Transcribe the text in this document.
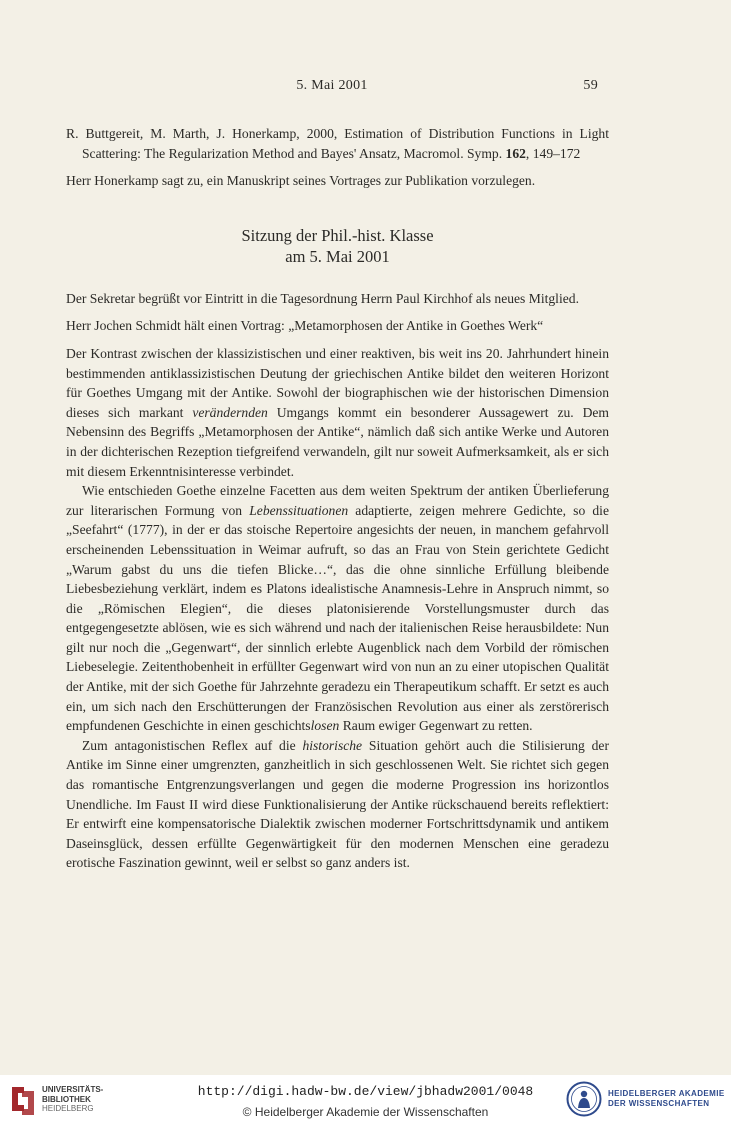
5. Mai 2001	59

R. Buttgereit, M. Marth, J. Honerkamp, 2000, Estimation of Distribution Functions in Light Scattering: The Regularization Method and Bayes' Ansatz, Macromol. Symp. 162, 149–172

Herr Honerkamp sagt zu, ein Manuskript seines Vortrages zur Publikation vorzulegen.

Sitzung der Phil.-hist. Klasse
am 5. Mai 2001

Der Sekretar begrüßt vor Eintritt in die Tagesordnung Herrn Paul Kirchhof als neues Mitglied.

Herr Jochen Schmidt hält einen Vortrag: „Metamorphosen der Antike in Goethes Werk“

Der Kontrast zwischen der klassizistischen und einer reaktiven, bis weit ins 20. Jahrhundert hinein bestimmenden antiklassizistischen Deutung der griechischen Antike bildet den weiteren Horizont für Goethes Umgang mit der Antike. Sowohl der biographischen wie der historischen Dimension dieses sich markant verändernden Umgangs kommt ein besonderer Aussagewert zu. Dem Nebensinn des Begriffs „Metamorphosen der Antike“, nämlich daß sich antike Werke und Autoren in der dichterischen Rezeption tiefgreifend verwandeln, gilt nur soweit Aufmerksamkeit, als er sich mit diesem Erkenntnisinteresse verbindet.

Wie entschieden Goethe einzelne Facetten aus dem weiten Spektrum der antiken Überlieferung zur literarischen Formung von Lebenssituationen adaptierte, zeigen mehrere Gedichte, so die „Seefahrt“ (1777), in der er das stoische Repertoire angesichts der neuen, in manchem gefahrvoll erscheinenden Lebenssituation in Weimar aufruft, so das an Frau von Stein gerichtete Gedicht „Warum gabst du uns die tiefen Blicke…“, das die ohne sinnliche Erfüllung bleibende Liebesbeziehung verklärt, indem es Platons idealistische Anamnesis-Lehre in Anspruch nimmt, so die „Römischen Elegien“, die dieses platonisierende Vorstellungsmuster durch das entgegengesetzte ablösen, wie es sich während und nach der italienischen Reise herausbildete: Nun gilt nur noch die „Gegenwart“, der sinnlich erlebte Augenblick nach dem Vorbild der römischen Liebeselegie. Zeitenthobenheit in erfüllter Gegenwart wird von nun an zu einer utopischen Qualität der Antike, mit der sich Goethe für Jahrzehnte geradezu ein Therapeutikum schafft. Er setzt es auch ein, um sich nach den Erschütterungen der Französischen Revolution aus einer als zerstörerisch empfundenen Geschichte in einen geschichtslosen Raum ewiger Gegenwart zu retten.

Zum antagonistischen Reflex auf die historische Situation gehört auch die Stilisierung der Antike im Sinne einer umgrenzten, ganzheitlich in sich geschlossenen Welt. Sie richtet sich gegen das romantische Entgrenzungsverlangen und gegen die moderne Progression ins horizontlos Unendliche. Im Faust II wird diese Funktionalisierung der Antike rückschauend bereits reflektiert: Er entwirft eine kompensatorische Dialektik zwischen moderner Fortschrittsdynamik und antikem Daseinsglück, dessen erfüllte Gegenwärtigkeit für den modernen Menschen eine geradezu erotische Faszination gewinnt, weil er selbst so ganz anders ist.

UNIVERSITÄTS-
BIBLIOTHEK
HEIDELBERG
http://digi.hadw-bw.de/view/jbhadw2001/0048
© Heidelberger Akademie der Wissenschaften
HEIDELBERGER AKADEMIE
DER WISSENSCHAFTEN
